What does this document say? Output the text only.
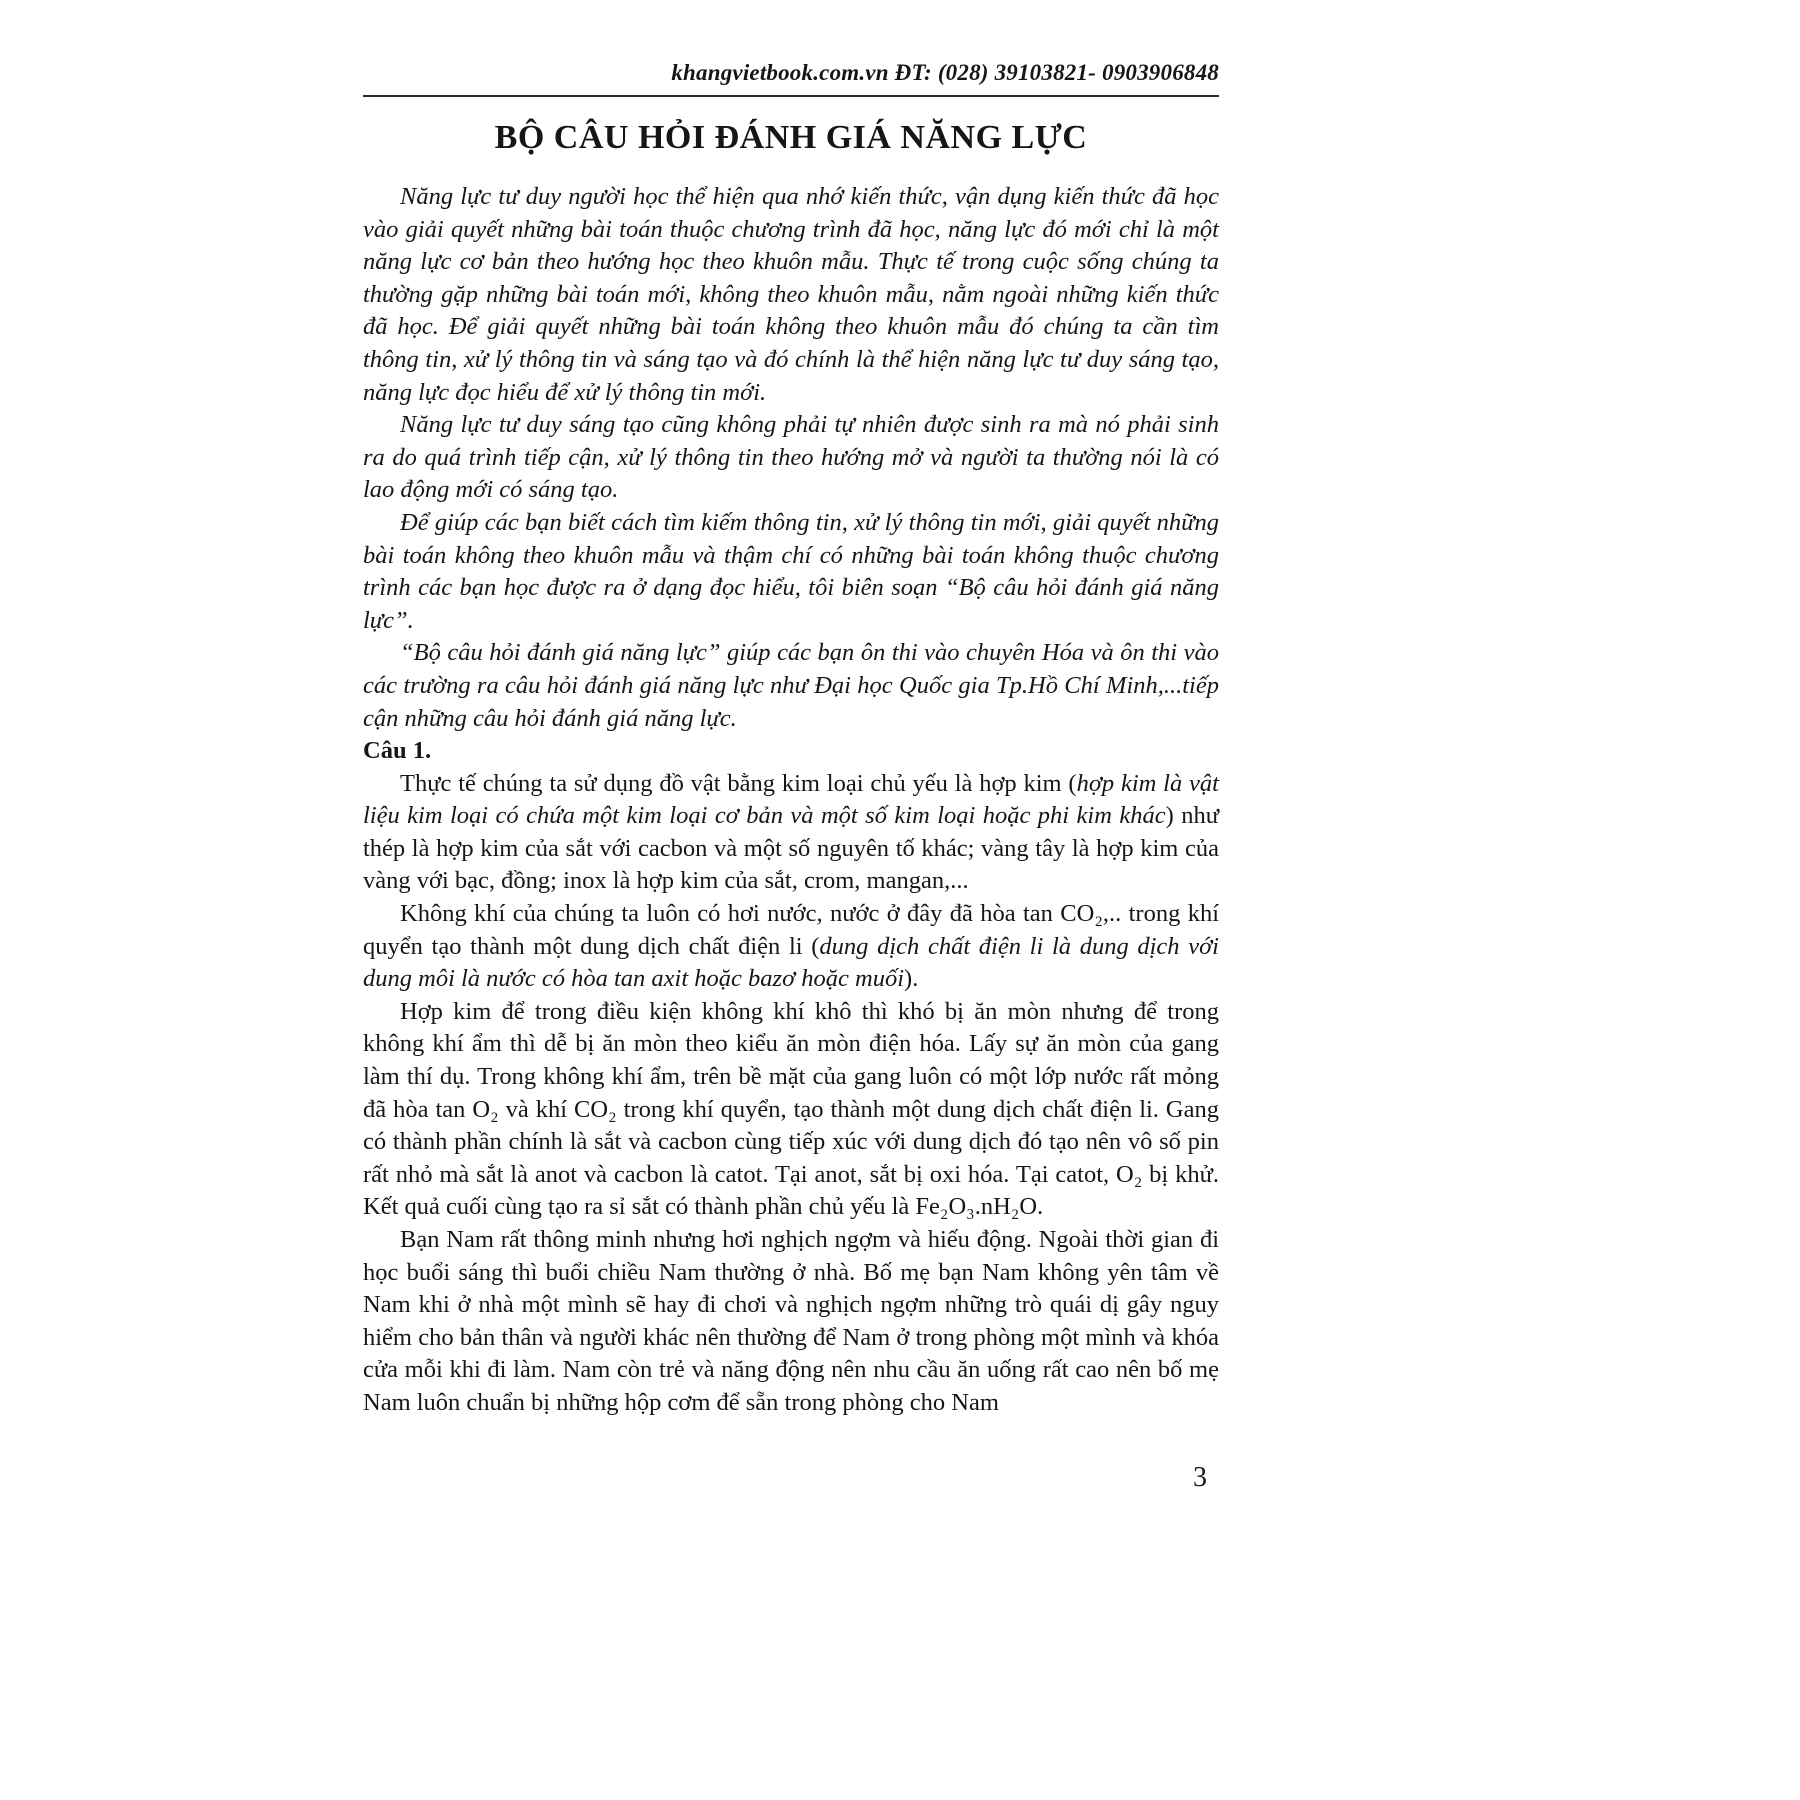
khangvietbook.com.vn ĐT: (028) 39103821- 0903906848
BỘ CÂU HỎI ĐÁNH GIÁ NĂNG LỰC

Năng lực tư duy người học thể hiện qua nhớ kiến thức, vận dụng kiến thức đã học vào giải quyết những bài toán thuộc chương trình đã học, năng lực đó mới chỉ là một năng lực cơ bản theo hướng học theo khuôn mẫu. Thực tế trong cuộc sống chúng ta thường gặp những bài toán mới, không theo khuôn mẫu, nằm ngoài những kiến thức đã học. Để giải quyết những bài toán không theo khuôn mẫu đó chúng ta cần tìm thông tin, xử lý thông tin và sáng tạo và đó chính là thể hiện năng lực tư duy sáng tạo, năng lực đọc hiểu để xử lý thông tin mới.

Năng lực tư duy sáng tạo cũng không phải tự nhiên được sinh ra mà nó phải sinh ra do quá trình tiếp cận, xử lý thông tin theo hướng mở và người ta thường nói là có lao động mới có sáng tạo.

Để giúp các bạn biết cách tìm kiếm thông tin, xử lý thông tin mới, giải quyết những bài toán không theo khuôn mẫu và thậm chí có những bài toán không thuộc chương trình các bạn học được ra ở dạng đọc hiểu, tôi biên soạn “Bộ câu hỏi đánh giá năng lực”.

“Bộ câu hỏi đánh giá năng lực” giúp các bạn ôn thi vào chuyên Hóa và ôn thi vào các trường ra câu hỏi đánh giá năng lực như Đại học Quốc gia Tp.Hồ Chí Minh,...tiếp cận những câu hỏi đánh giá năng lực.

Câu 1.

Thực tế chúng ta sử dụng đồ vật bằng kim loại chủ yếu là hợp kim (hợp kim là vật liệu kim loại có chứa một kim loại cơ bản và một số kim loại hoặc phi kim khác) như thép là hợp kim của sắt với cacbon và một số nguyên tố khác; vàng tây là hợp kim của vàng với bạc, đồng; inox là hợp kim của sắt, crom, mangan,...

Không khí của chúng ta luôn có hơi nước, nước ở đây đã hòa tan CO₂,.. trong khí quyển tạo thành một dung dịch chất điện li (dung dịch chất điện li là dung dịch với dung môi là nước có hòa tan axit hoặc bazơ hoặc muối).

Hợp kim để trong điều kiện không khí khô thì khó bị ăn mòn nhưng để trong không khí ẩm thì dễ bị ăn mòn theo kiểu ăn mòn điện hóa. Lấy sự ăn mòn của gang làm thí dụ. Trong không khí ẩm, trên bề mặt của gang luôn có một lớp nước rất mỏng đã hòa tan O₂ và khí CO₂ trong khí quyển, tạo thành một dung dịch chất điện li. Gang có thành phần chính là sắt và cacbon cùng tiếp xúc với dung dịch đó tạo nên vô số pin rất nhỏ mà sắt là anot và cacbon là catot. Tại anot, sắt bị oxi hóa. Tại catot, O₂ bị khử. Kết quả cuối cùng tạo ra sỉ sắt có thành phần chủ yếu là Fe₂O₃.nH₂O.

Bạn Nam rất thông minh nhưng hơi nghịch ngợm và hiếu động. Ngoài thời gian đi học buổi sáng thì buổi chiều Nam thường ở nhà. Bố mẹ bạn Nam không yên tâm về Nam khi ở nhà một mình sẽ hay đi chơi và nghịch ngợm những trò quái dị gây nguy hiểm cho bản thân và người khác nên thường để Nam ở trong phòng một mình và khóa cửa mỗi khi đi làm. Nam còn trẻ và năng động nên nhu cầu ăn uống rất cao nên bố mẹ Nam luôn chuẩn bị những hộp cơm để sẵn trong phòng cho Nam

3
